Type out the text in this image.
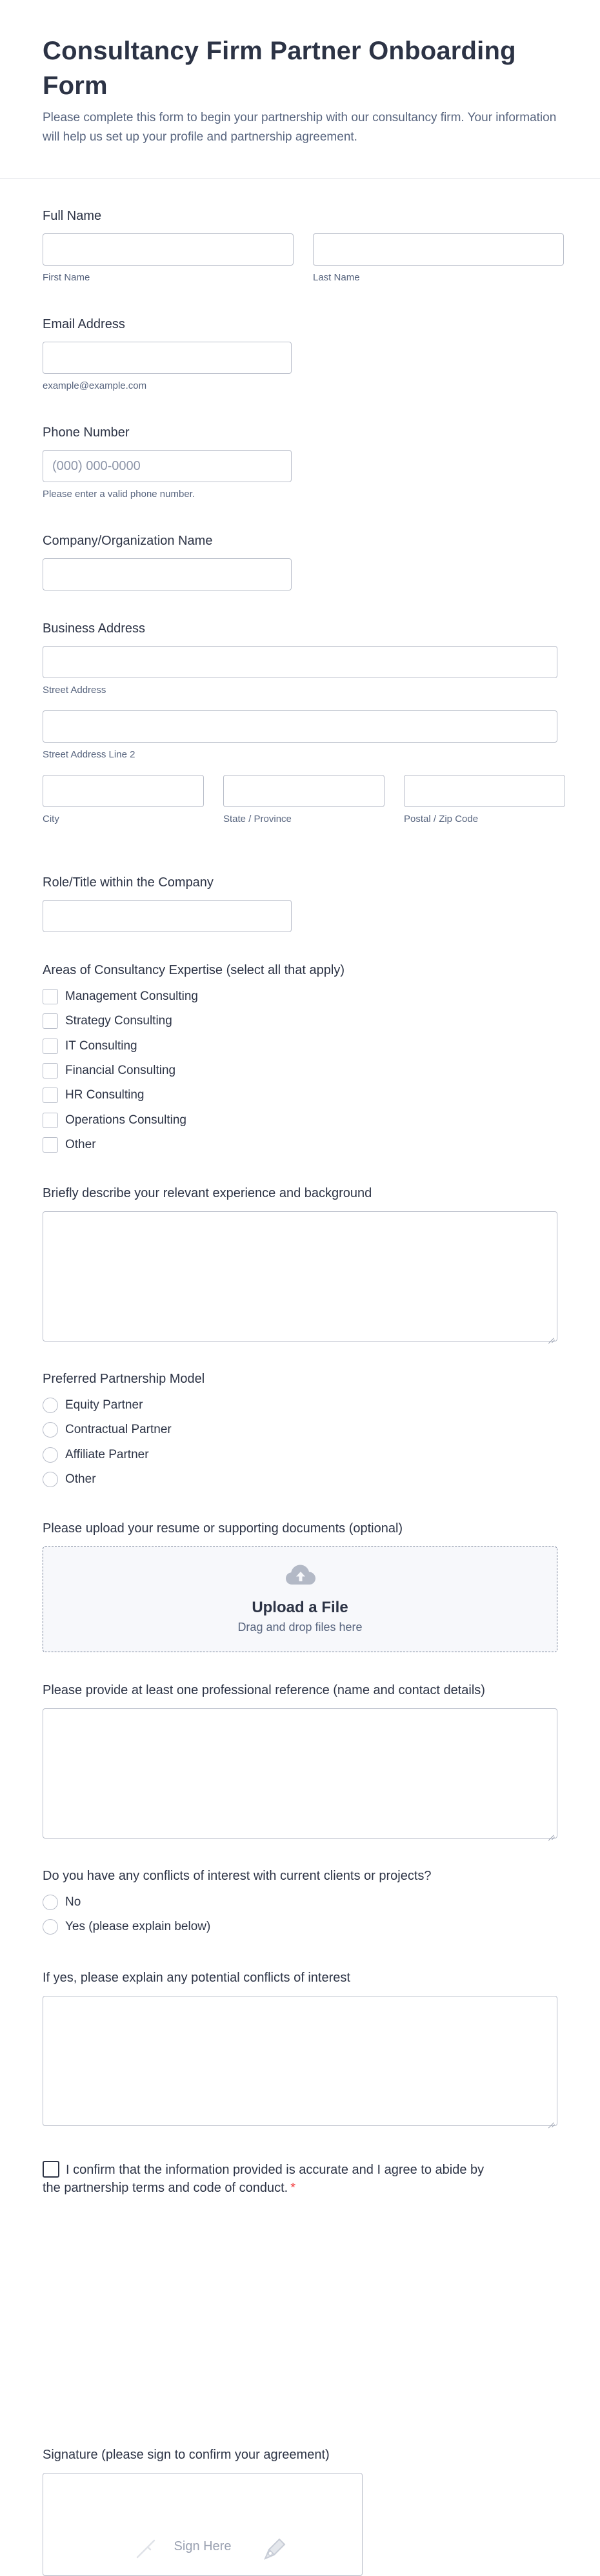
Consultancy Firm Partner Onboarding Form
Please complete this form to begin your partnership with our consultancy firm. Your information will help us set up your profile and partnership agreement.
Full Name
First Name	Last Name
Email Address
example@example.com
Phone Number
(000) 000-0000
Please enter a valid phone number.
Company/Organization Name
Business Address
Street Address
Street Address Line 2
City	State / Province	Postal / Zip Code
Role/Title within the Company
Areas of Consultancy Expertise (select all that apply)
Management Consulting
Strategy Consulting
IT Consulting
Financial Consulting
HR Consulting
Operations Consulting
Other
Briefly describe your relevant experience and background
Preferred Partnership Model
Equity Partner
Contractual Partner
Affiliate Partner
Other
Please upload your resume or supporting documents (optional)
Upload a File
Drag and drop files here
Please provide at least one professional reference (name and contact details)
Do you have any conflicts of interest with current clients or projects?
No
Yes (please explain below)
If yes, please explain any potential conflicts of interest
I confirm that the information provided is accurate and I agree to abide by the partnership terms and code of conduct. *
Signature (please sign to confirm your agreement)
Sign Here
